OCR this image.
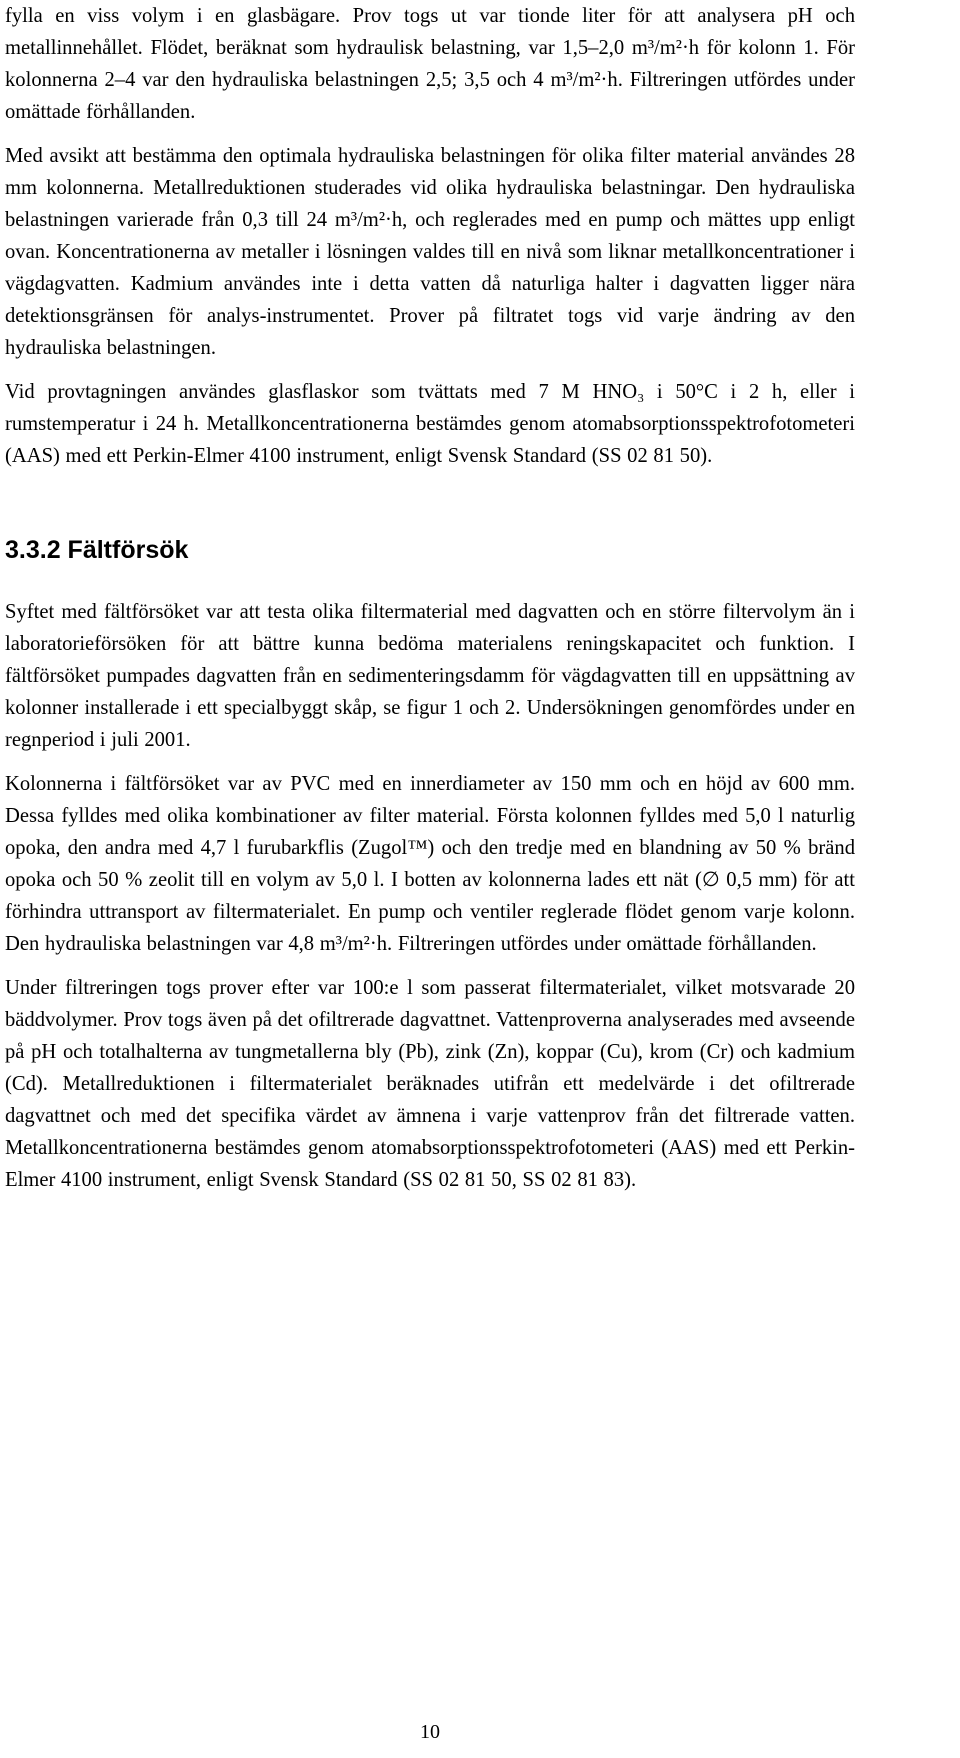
fylla en viss volym i en glasbägare. Prov togs ut var tionde liter för att analysera pH och metallinnehållet. Flödet, beräknat som hydraulisk belastning, var 1,5–2,0 m³/m²·h för kolonn 1. För kolonnerna 2–4 var den hydrauliska belastningen 2,5; 3,5 och 4 m³/m²·h. Filtreringen utfördes under omättade förhållanden.

Med avsikt att bestämma den optimala hydrauliska belastningen för olika filter material användes 28 mm kolonnerna. Metallreduktionen studerades vid olika hydrauliska belastningar. Den hydrauliska belastningen varierade från 0,3 till 24 m³/m²·h, och reglerades med en pump och mättes upp enligt ovan. Koncentrationerna av metaller i lösningen valdes till en nivå som liknar metallkoncentrationer i vägdagvatten. Kadmium användes inte i detta vatten då naturliga halter i dagvatten ligger nära detektionsgränsen för analys-instrumentet. Prover på filtratet togs vid varje ändring av den hydrauliska belastningen.

Vid provtagningen användes glasflaskor som tvättats med 7 M HNO₃ i 50°C i 2 h, eller i rumstemperatur i 24 h. Metallkoncentrationerna bestämdes genom atomabsorptionsspektrofotometeri (AAS) med ett Perkin-Elmer 4100 instrument, enligt Svensk Standard (SS 02 81 50).

3.3.2 Fältförsök

Syftet med fältförsöket var att testa olika filtermaterial med dagvatten och en större filtervolym än i laboratorieförsöken för att bättre kunna bedöma materialens reningskapacitet och funktion. I fältförsöket pumpades dagvatten från en sedimenteringsdamm för vägdagvatten till en uppsättning av kolonner installerade i ett specialbyggt skåp, se figur 1 och 2. Undersökningen genomfördes under en regnperiod i juli 2001.

Kolonnerna i fältförsöket var av PVC med en innerdiameter av 150 mm och en höjd av 600 mm. Dessa fylldes med olika kombinationer av filter material. Första kolonnen fylldes med 5,0 l naturlig opoka, den andra med 4,7 l furubarkflis (Zugol™) och den tredje med en blandning av 50 % bränd opoka och 50 % zeolit till en volym av 5,0 l. I botten av kolonnerna lades ett nät (∅ 0,5 mm) för att förhindra uttransport av filtermaterialet. En pump och ventiler reglerade flödet genom varje kolonn. Den hydrauliska belastningen var 4,8 m³/m²·h. Filtreringen utfördes under omättade förhållanden.

Under filtreringen togs prover efter var 100:e l som passerat filtermaterialet, vilket motsvarade 20 bäddvolymer. Prov togs även på det ofiltrerade dagvattnet. Vattenproverna analyserades med avseende på pH och totalhalterna av tungmetallerna bly (Pb), zink (Zn), koppar (Cu), krom (Cr) och kadmium (Cd). Metallreduktionen i filtermaterialet beräknades utifrån ett medelvärde i det ofiltrerade dagvattnet och med det specifika värdet av ämnena i varje vattenprov från det filtrerade vatten. Metallkoncentrationerna bestämdes genom atomabsorptionsspektrofotometeri (AAS) med ett Perkin-Elmer 4100 instrument, enligt Svensk Standard (SS 02 81 50, SS 02 81 83).

10
